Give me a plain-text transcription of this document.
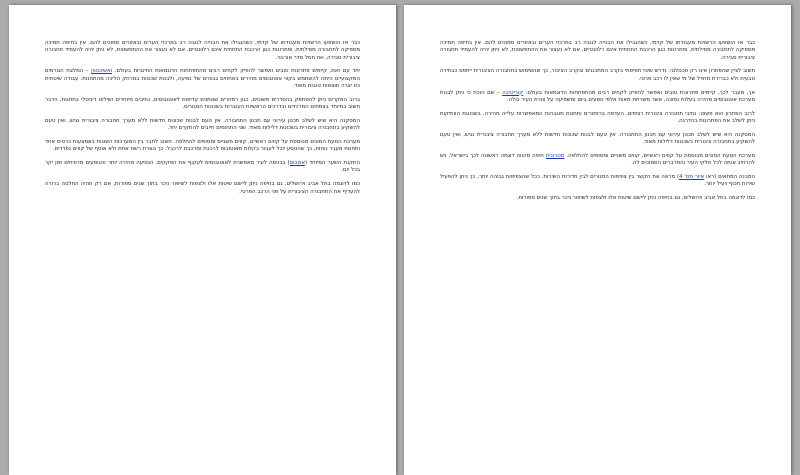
כבר אז הושפעו הרשויות מעבודתו של קדמי, כשהגבילו את הבנייה לגובה רב במרכזי הערים ובאזורים סמוכים להם. אין בחיפה תמיכה מספיקה לתחבורה מסילתית, ופתרונות כגון הרכבת התחתית אינם רלוונטיים. אם לא נעצור את ההתפשטות, לא ניתן יהיה להעמיד תחבורה ציבורית סבירה, ואז חסל סדר אורבני.
יחד עם זאת, קיימים פתרונות טובים ואפשר להפיק לקחים רבים מהתפתחות הדוגמאות החיוביות בעולם. ואשינגטון – המלצת הגורמים המקצועיים היתה להשתמש בקווי אוטובוסים מהירים באחוזים גבוהים של נסיעה, ולבנות שכונות במרחק הליכה מהתחנות. עבודה שיטתית כזו יצרה תוצאות טובות מאוד.
ברוב המקרים ניתן להסתפק בהסדרים פשוטים, כגון רמזורים שנותנים עדיפות לאוטובוסים, נתיבים מיוחדים ושילוט דיגיטלי בתחנות. הדבר חשוב במיוחד בצמתים המרכזיים ובדרכים הראשיות העוברות בשכונות המגורים.
המסקנה היא שיש לשלב תכנון עירוני עם תכנון התחבורה. אין טעם לבנות שכונות חדשות ללא מערך תחבורה ציבורית נגיש, ואין טעם להשקיע בתחבורה ציבורית בשכונות דלילות מאוד. שני התחומים חייבים להתקדם יחד.
מערכת הסעת המונים מבוססת על קווים ראשיים, קווים משניים ומסופים להחלפה. חשוב לחבר בין המערכות השונות באמצעות כרטיס אחד ותחנות מעבר נוחות, כך שהנוסע יוכל לעבור בקלות מאוטובוס לרכבת ומרכבת לרכבל. כך נוצרת רשת אחת ולא אוסף של קווים נפרדים.
התקנת השער המיוחד (אמבוס) בכניסה לעיר מאפשרת לאוטובוסים לעקוף את הפקקים. הנסיעה מהירה יותר והנוסעים מרוויחים זמן יקר בכל יום.
כמו לדוגמה בתל אביב וירושלים, גם בחיפה ניתן ליישם שיטות אלו ולצפות לשיפור ניכר בתוך שנים ספורות, אם רק תהיה החלטה ברורה להעדיף את התחבורה הציבורית על פני הרכב הפרטי.
כבר אז הושפעו הרשויות מעבודתו של קדמי, כשהגבילו את הבנייה לגובה רב במרכזי הערים ובאזורים סמוכים להם. אין בחיפה תמיכה מספיקה לתחבורה מסילתית, ופתרונות כגון הרכבת התחתית אינם רלוונטיים. אם לא נעצור את ההתפשטות, לא ניתן יהיה להעמיד תחבורה ציבורית סבירה.
חשוב לציין שהפתרון אינו רק טכנולוגי. נדרש שינוי תפיסתי בקרב המתכננים ובקרב הציבור, כך שהשימוש בתחבורה הציבורית ייתפס כבחירה טבעית ולא כברירת מחדל של מי שאין לו רכב פרטי.
אך, מעבר לכך, קיימים פתרונות טובים ואפשר להפיק לקחים רבים מהתפתחות הדוגמאות בעולם. קוריטיבה – שם הוכח כי ניתן לבנות מערכת אוטובוסים מהירה בעלות נמוכה, אשר משרתת מאות אלפי נוסעים ביום ומשפיעה על צורת העיר כולה.
לרוב הפתרון הוא פשוט: נתיבי תחבורה ציבורית רציפים, העדפה ברמזורים ותחנות מוגבהות המאפשרות עלייה מהירה. בשכונות הוותיקות ניתן לשלב את הפתרונות בהדרגה.
המסקנה היא שיש לשלב תכנון עירוני עם תכנון התחבורה. אין טעם לבנות שכונות חדשות ללא מערך תחבורה ציבורית נגיש, ואין טעם להשקיע בתחבורה ציבורית בשכונות דלילות מאוד.
מערכת הסעת המונים מבוססת על קווים ראשיים, קווים משניים ומסופים להחלפה. מטרונית חיפה מהווה דוגמה ראשונה לכך בישראל, ויש להרחיב אותה לכל חלקי העיר והפרברים הסמוכים לה.
המבנה המתאים (ראו איור מס' 4) מראה את הקשר בין צפיפות המגורים לבין תדירות השירות. ככל שהצפיפות גבוהה יותר, כך ניתן להפעיל שירות תכוף ויעיל יותר.
כמו לדוגמה בתל אביב וירושלים, גם בחיפה ניתן ליישם שיטות אלו ולצפות לשיפור ניכר בתוך שנים ספורות.
